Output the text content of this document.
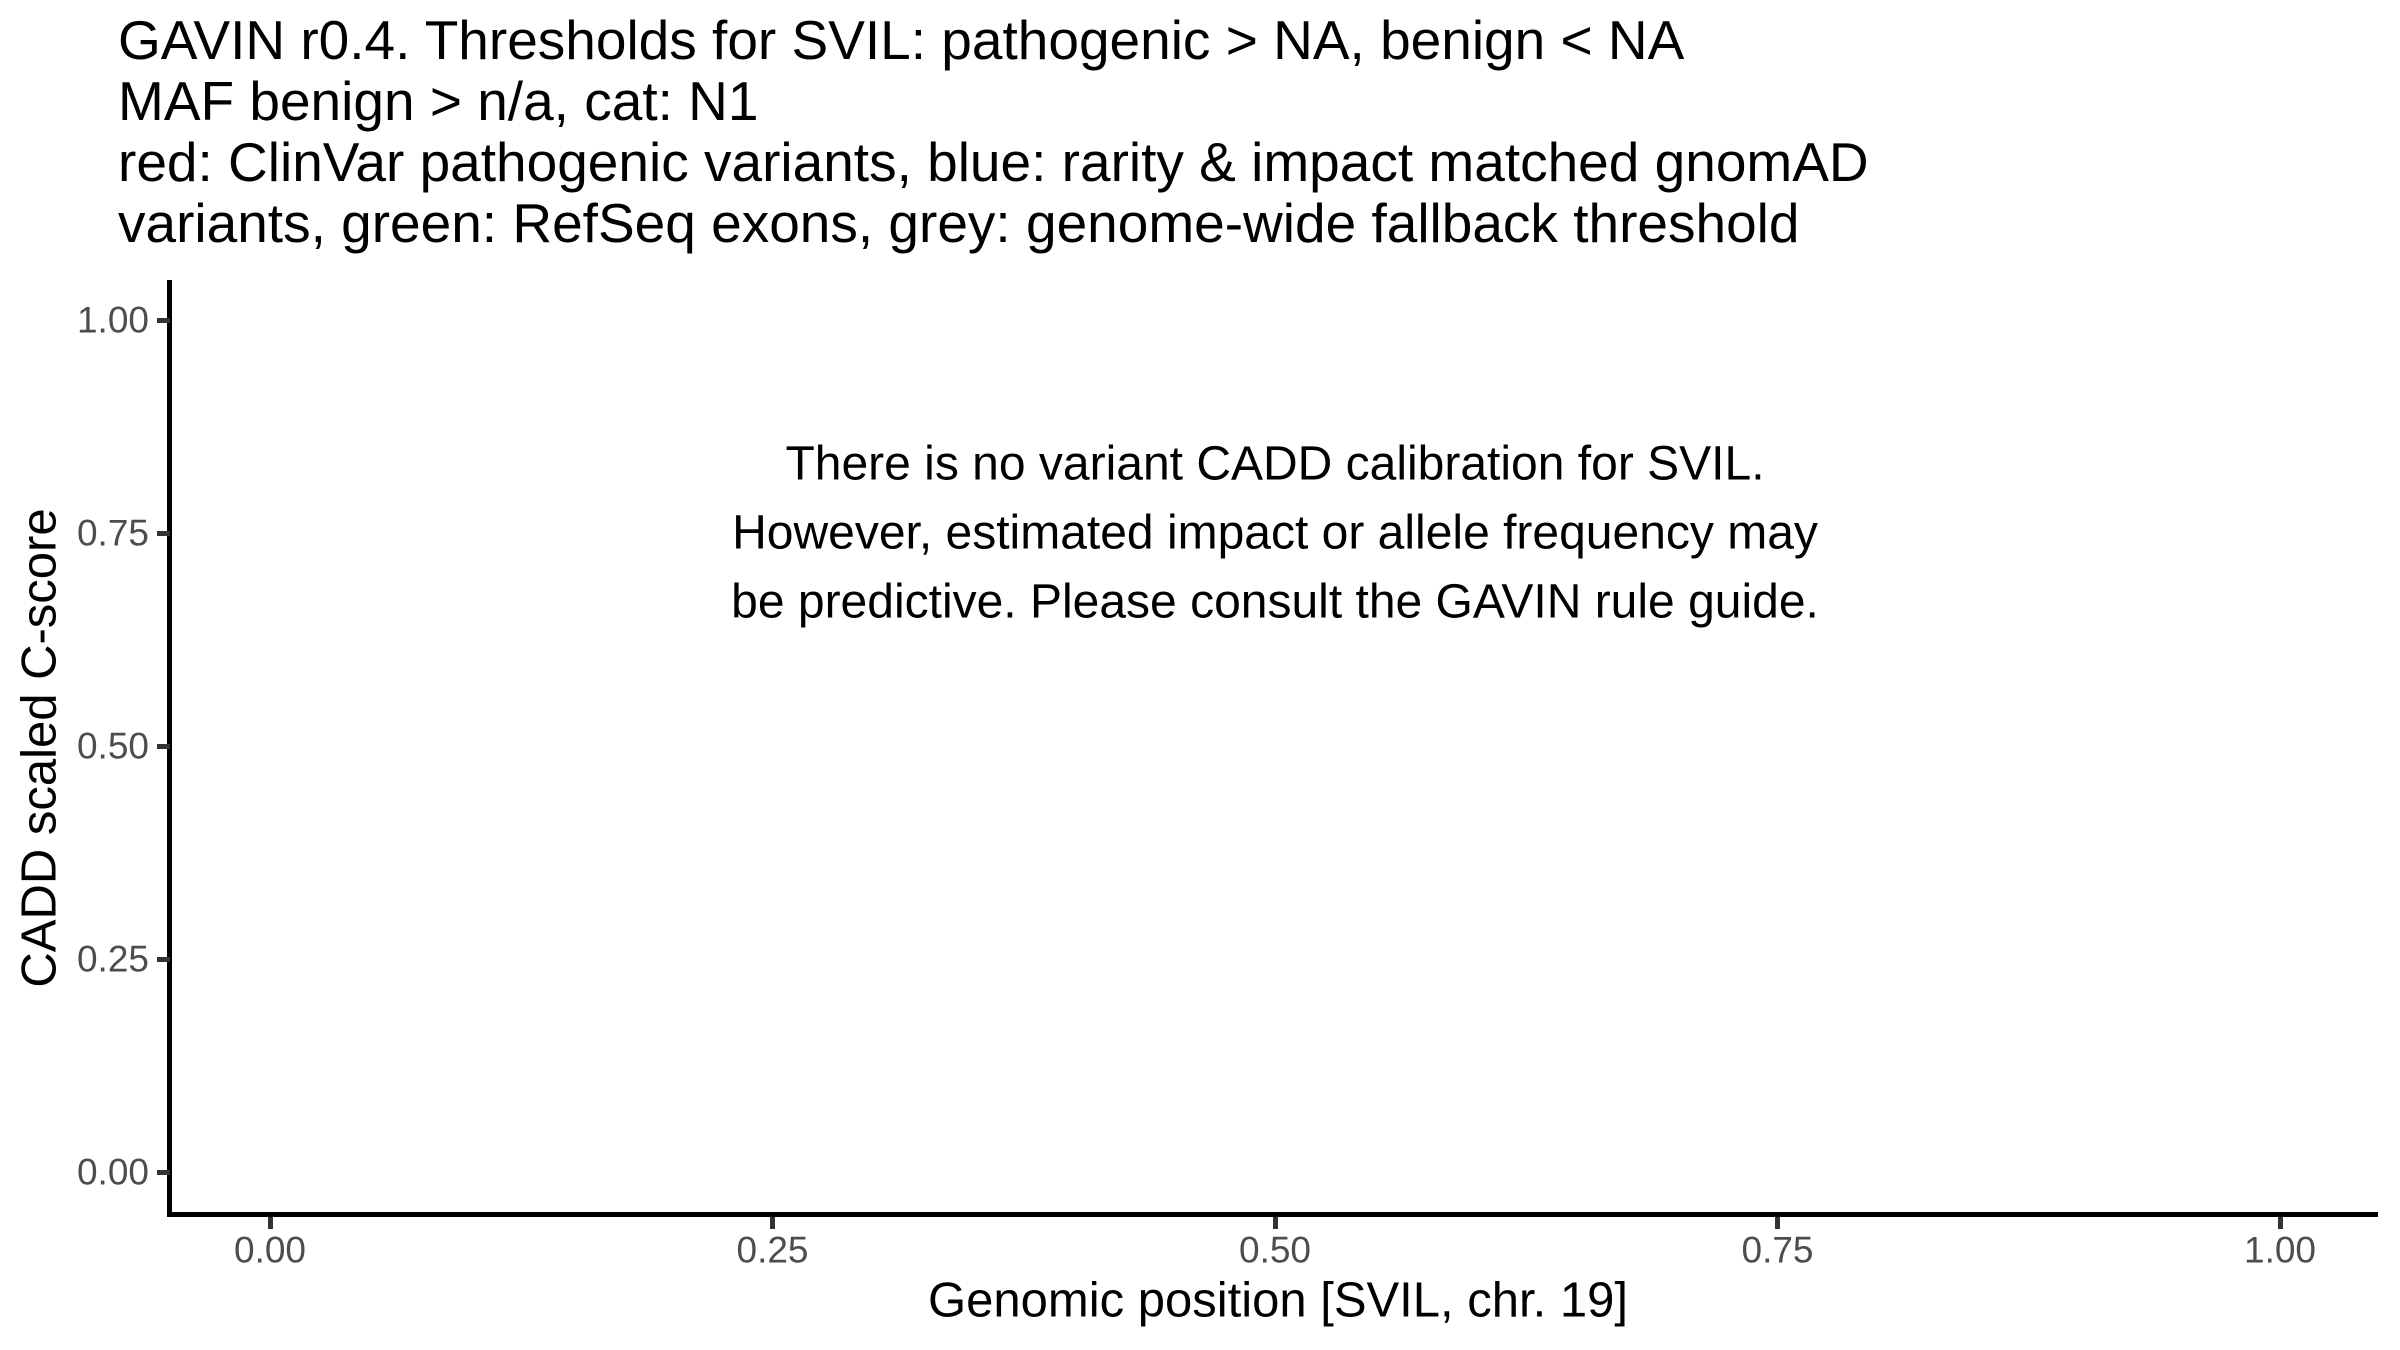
GAVIN r0.4. Thresholds for SVIL: pathogenic > NA, benign < NA
MAF benign > n/a, cat: N1
red: ClinVar pathogenic variants, blue: rarity & impact matched gnomAD
variants, green: RefSeq exons, grey: genome-wide fallback threshold
0.00	0.25	0.50	0.75	1.00
0.00
0.25
0.50
0.75
1.00
There is no variant CADD calibration for SVIL.
However, estimated impact or allele frequency may
be predictive. Please consult the GAVIN rule guide.
Genomic position [SVIL, chr. 19]
CADD scaled C-score
